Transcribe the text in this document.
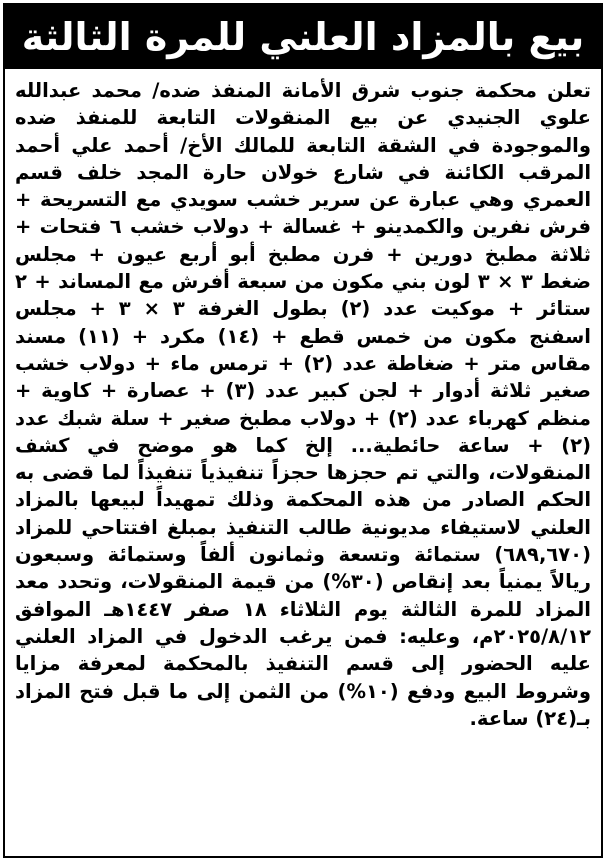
بيع بالمزاد العلني للمرة الثالثة
تعلن محكمة جنوب شرق الأمانة المنفذ ضده/ محمد عبدالله علوي الجنيدي عن بيع المنقولات التابعة للمنفذ ضده والموجودة في الشقة التابعة للمالك الأخ/ أحمد علي أحمد المرقب الكائنة في شارع خولان حارة المجد خلف قسم العمري وهي عبارة عن سرير خشب سويدي مع التسريحة + فرش نفرين والكمدينو + غسالة + دولاب خشب ٦ فتحات + ثلاثة مطبخ دورين + فرن مطبخ أبو أربع عيون + مجلس ضغط ٣ × ٣ لون بني مكون من سبعة أفرش مع المساند + ٢ ستائر + موكيت عدد (٢) بطول الغرفة ٣ × ٣ + مجلس اسفنج مكون من خمس قطع + (١٤) مكرد + (١١) مسند مقاس متر + ضغاطة عدد (٢) + ترمس ماء + دولاب خشب صغير ثلاثة أدوار + لجن كبير عدد (٣) + عصارة + كاوية + منظم كهرباء عدد (٢) + دولاب مطبخ صغير + سلة شبك عدد (٢) + ساعة حائطية... إلخ كما هو موضح في كشف المنقولات، والتي تم حجزها حجزاً تنفيذياً تنفيذاً لما قضى به الحكم الصادر من هذه المحكمة وذلك تمهيداً لبيعها بالمزاد العلني لاستيفاء مديونية طالب التنفيذ بمبلغ افتتاحي للمزاد (٦٨٩,٦٧٠) ستمائة وتسعة وثمانون ألفاً وستمائة وسبعون ريالاً يمنياً بعد إنقاص (٣٠%) من قيمة المنقولات، وتحدد معد المزاد للمرة الثالثة يوم الثلاثاء ١٨ صفر ١٤٤٧هـ الموافق ٢٠٢٥/٨/١٢م، وعليه: فمن يرغب الدخول في المزاد العلني عليه الحضور إلى قسم التنفيذ بالمحكمة لمعرفة مزايا وشروط البيع ودفع (١٠%) من الثمن إلى ما قبل فتح المزاد بـ(٢٤) ساعة.
